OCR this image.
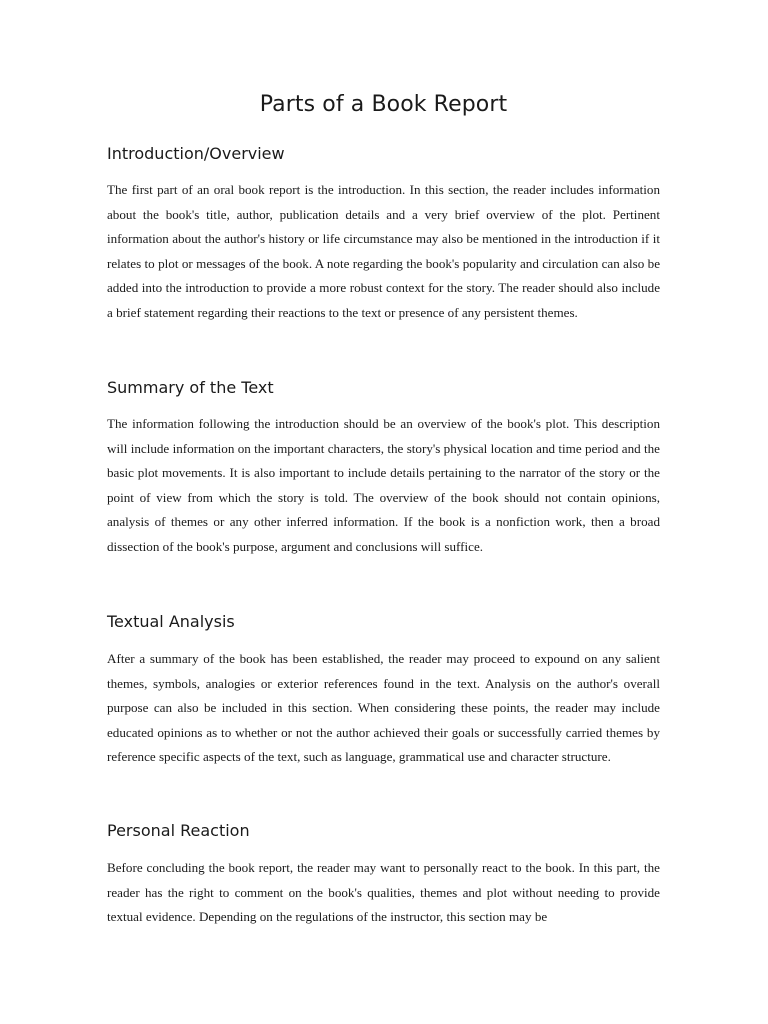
Parts of a Book Report
Introduction/Overview

The first part of an oral book report is the introduction. In this section, the reader includes information about the book's title, author, publication details and a very brief overview of the plot. Pertinent information about the author's history or life circumstance may also be mentioned in the introduction if it relates to plot or messages of the book. A note regarding the book's popularity and circulation can also be added into the introduction to provide a more robust context for the story. The reader should also include a brief statement regarding their reactions to the text or presence of any persistent themes.

Summary of the Text

The information following the introduction should be an overview of the book's plot. This description will include information on the important characters, the story's physical location and time period and the basic plot movements. It is also important to include details pertaining to the narrator of the story or the point of view from which the story is told. The overview of the book should not contain opinions, analysis of themes or any other inferred information. If the book is a nonfiction work, then a broad dissection of the book's purpose, argument and conclusions will suffice.

Textual Analysis

After a summary of the book has been established, the reader may proceed to expound on any salient themes, symbols, analogies or exterior references found in the text. Analysis on the author's overall purpose can also be included in this section. When considering these points, the reader may include educated opinions as to whether or not the author achieved their goals or successfully carried themes by reference specific aspects of the text, such as language, grammatical use and character structure.

Personal Reaction

Before concluding the book report, the reader may want to personally react to the book. In this part, the reader has the right to comment on the book's qualities, themes and plot without needing to provide textual evidence. Depending on the regulations of the instructor, this section may be
